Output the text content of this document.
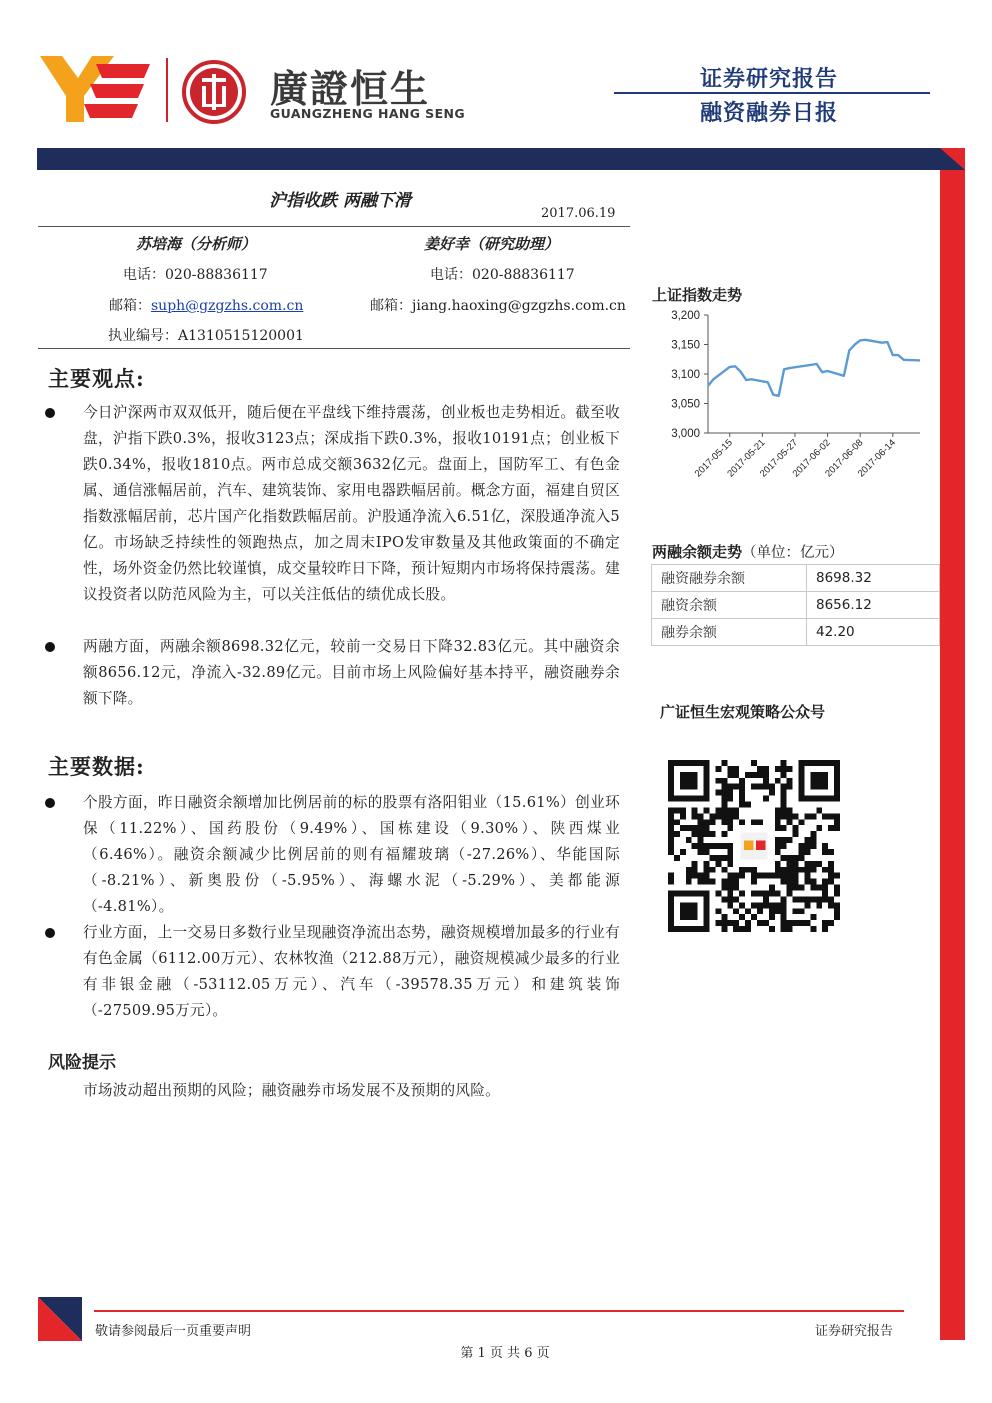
廣證恒生
GUANGZHENG HANG SENG
证券研究报告
融资融券日报
沪指收跌 两融下滑
2017.06.19
苏培海（分析师）	姜好幸（研究助理）
电话：020-88836117	电话：020-88836117
邮箱：suph@gzgzhs.com.cn	邮箱：jiang.haoxing@gzgzhs.com.cn
执业编号：A1310515120001
主要观点:
今日沪深两市双双低开，随后便在平盘线下维持震荡，创业板也走势相近。截至收盘，沪指下跌0.3%，报收3123点；深成指下跌0.3%，报收10191点；创业板下跌0.34%，报收1810点。两市总成交额3632亿元。盘面上，国防军工、有色金属、通信涨幅居前，汽车、建筑装饰、家用电器跌幅居前。概念方面，福建自贸区指数涨幅居前，芯片国产化指数跌幅居前。沪股通净流入6.51亿，深股通净流入5亿。市场缺乏持续性的领跑热点，加之周末IPO发审数量及其他政策面的不确定性，场外资金仍然比较谨慎，成交量较昨日下降，预计短期内市场将保持震荡。建议投资者以防范风险为主，可以关注低估的绩优成长股。
两融方面，两融余额8698.32亿元，较前一交易日下降32.83亿元。其中融资余额8656.12元，净流入-32.89亿元。目前市场上风险偏好基本持平，融资融券余额下降。
主要数据:
个股方面，昨日融资余额增加比例居前的标的股票有洛阳钼业（15.61%）创业环保（11.22%）、国药股份（9.49%）、国栋建设（9.30%）、陕西煤业（6.46%）。融资余额减少比例居前的则有福耀玻璃（-27.26%）、华能国际（-8.21%）、新奥股份（-5.95%）、海螺水泥（-5.29%）、美都能源（-4.81%）。
行业方面，上一交易日多数行业呈现融资净流出态势，融资规模增加最多的行业有有色金属（6112.00万元）、农林牧渔（212.88万元），融资规模减少最多的行业有非银金融（-53112.05万元）、汽车（-39578.35万元）和建筑装饰（-27509.95万元）。
风险提示
市场波动超出预期的风险；融资融券市场发展不及预期的风险。
上证指数走势
3,000
3,050
3,100
3,150
3,200
2017-05-15
2017-05-21
2017-05-27
2017-06-02
2017-06-08
2017-06-14
两融余额走势（单位：亿元）
融资融券余额	8698.32
融资余额	8656.12
融券余额	42.20
广证恒生宏观策略公众号
敬请参阅最后一页重要声明	证券研究报告
第 1 页 共 6 页
